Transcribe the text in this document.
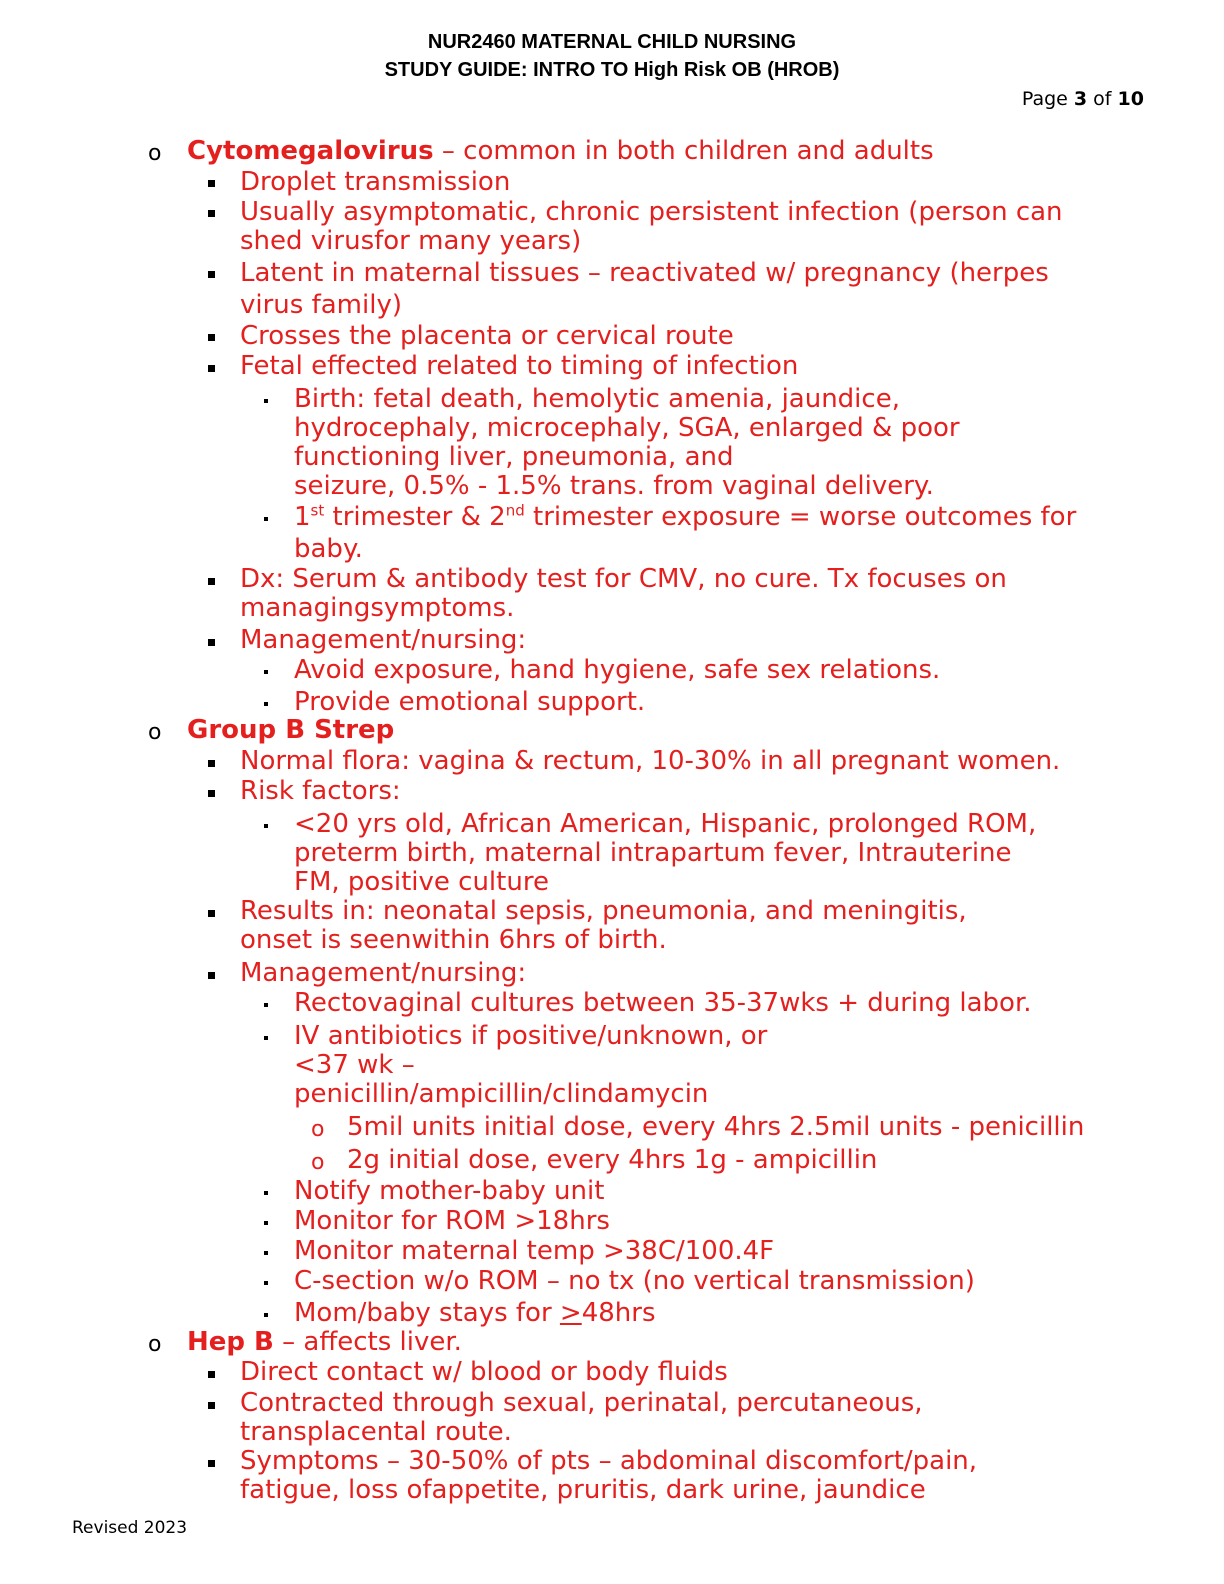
NUR2460 MATERNAL CHILD NURSING
STUDY GUIDE: INTRO TO High Risk OB (HROB)
Page 3 of 10
o Cytomegalovirus – common in both children and adults
Droplet transmission
Usually asymptomatic, chronic persistent infection (person can
shed virusfor many years)
Latent in maternal tissues – reactivated w/ pregnancy (herpes
virus family)
Crosses the placenta or cervical route
Fetal effected related to timing of infection
Birth: fetal death, hemolytic amenia, jaundice,
hydrocephaly, microcephaly, SGA, enlarged & poor
functioning liver, pneumonia, and
seizure, 0.5% - 1.5% trans. from vaginal delivery.
1st trimester & 2nd trimester exposure = worse outcomes for
baby.
Dx: Serum & antibody test for CMV, no cure. Tx focuses on
managingsymptoms.
Management/nursing:
Avoid exposure, hand hygiene, safe sex relations.
Provide emotional support.
o Group B Strep
Normal flora: vagina & rectum, 10-30% in all pregnant women.
Risk factors:
<20 yrs old, African American, Hispanic, prolonged ROM,
preterm birth, maternal intrapartum fever, Intrauterine
FM, positive culture
Results in: neonatal sepsis, pneumonia, and meningitis,
onset is seenwithin 6hrs of birth.
Management/nursing:
Rectovaginal cultures between 35-37wks + during labor.
IV antibiotics if positive/unknown, or
<37 wk –
penicillin/ampicillin/clindamycin
o 5mil units initial dose, every 4hrs 2.5mil units - penicillin
o 2g initial dose, every 4hrs 1g - ampicillin
Notify mother-baby unit
Monitor for ROM >18hrs
Monitor maternal temp >38C/100.4F
C-section w/o ROM – no tx (no vertical transmission)
Mom/baby stays for >48hrs
o Hep B – affects liver.
Direct contact w/ blood or body fluids
Contracted through sexual, perinatal, percutaneous,
transplacental route.
Symptoms – 30-50% of pts – abdominal discomfort/pain,
fatigue, loss ofappetite, pruritis, dark urine, jaundice
Revised 2023
